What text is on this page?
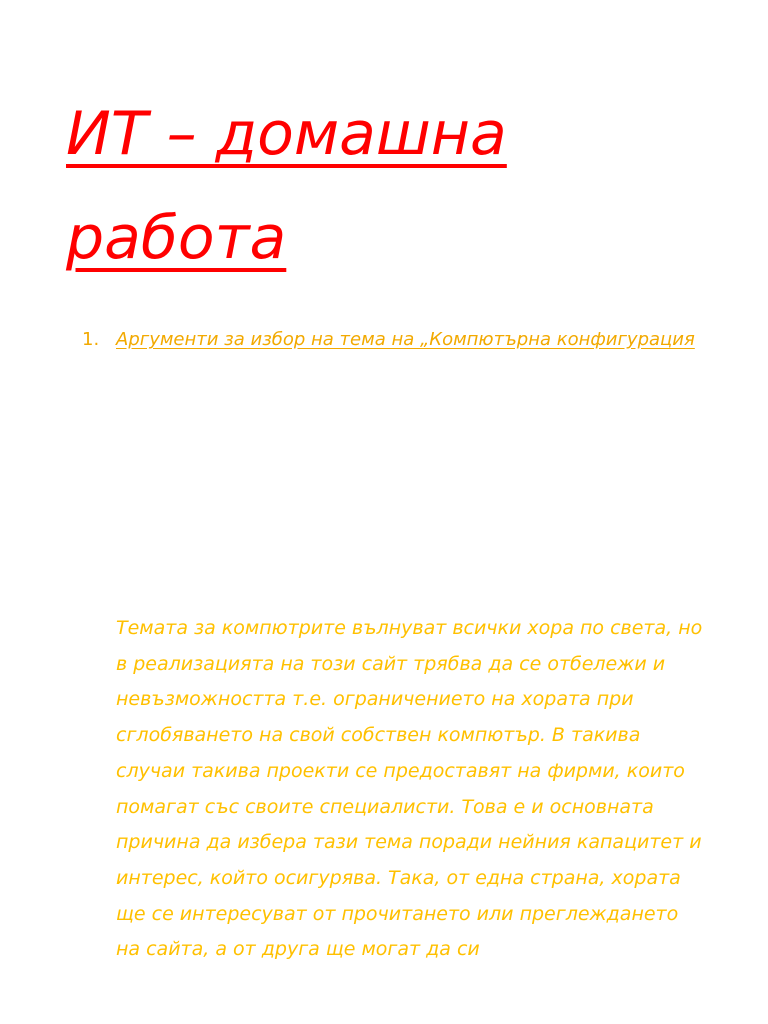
ИТ – домашна
работа
1. Аргументи за избор на тема на „Компютърна конфигурация

Темата за компютрите вълнуват всички хора по света, но в реализацията на този сайт трябва да се отбележи и невъзможността т.е. ограничението на хората при сглобяването на свой собствен компютър. В такива случаи такива проекти се предоставят на фирми, които помагат със своите специалисти. Това е и основната причина да избера тази тема поради нейния капацитет и интерес, който осигурява. Така, от една страна, хората ще се интересуват от прочитането или преглеждането на сайта, а от друга ще могат да си
